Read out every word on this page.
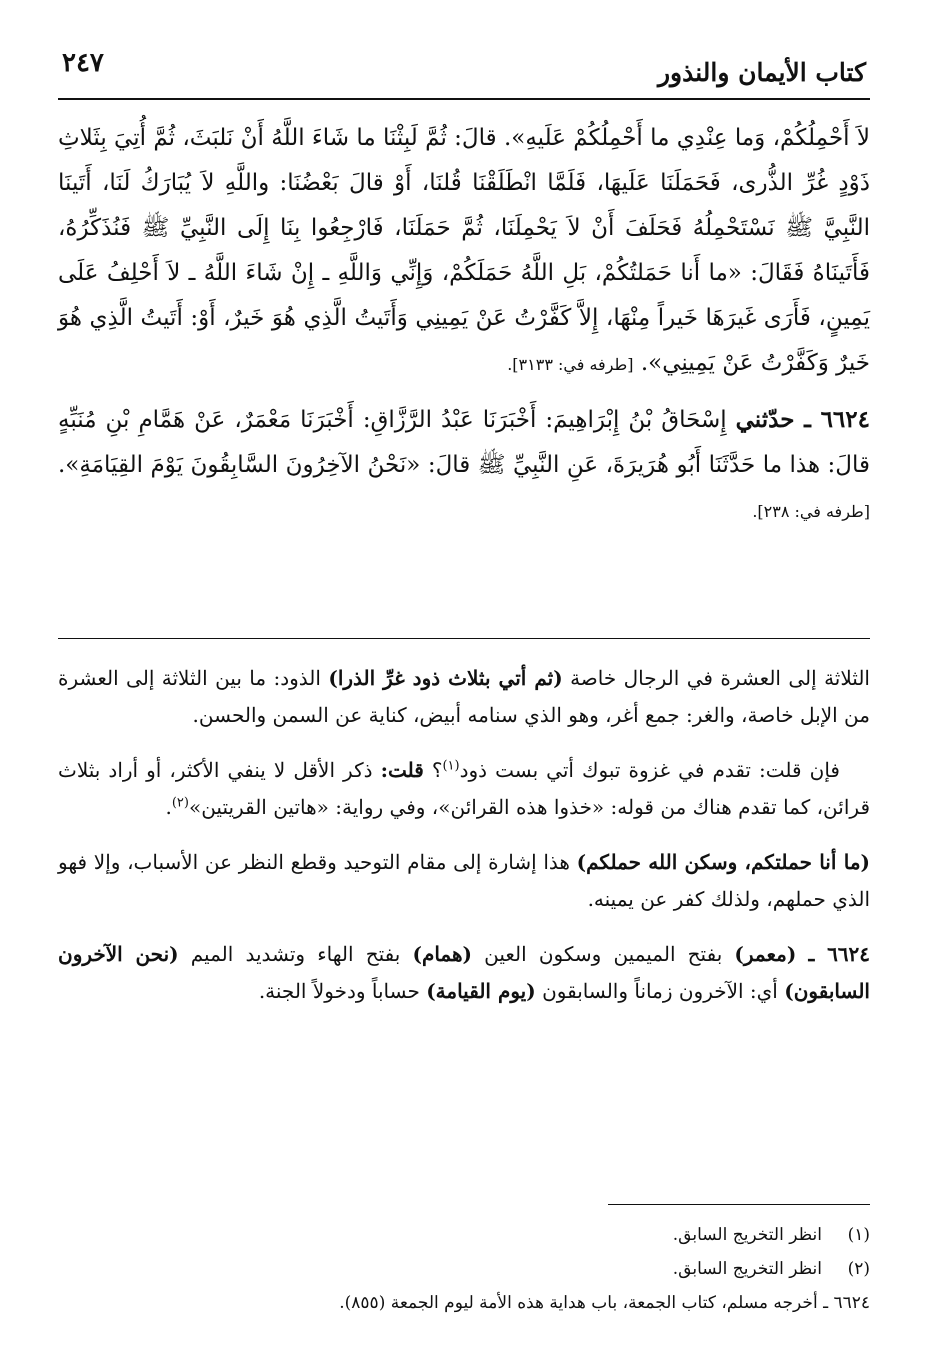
كتاب الأيمان والنذور

٢٤٧

لاَ أَحْمِلُكُمْ، وَما عِنْدِي ما أَحْمِلُكُمْ عَلَيهِ». قالَ: ثُمَّ لَبِثْنَا ما شَاءَ اللَّهُ أَنْ نَلبَثَ، ثُمَّ أُتِيَ بِثَلاثِ ذَوْدٍ غُرِّ الذُّرى، فَحَمَلَنَا عَلَيهَا، فَلَمَّا انْطَلَقْنَا قُلنَا، أَوْ قالَ بَعْضُنَا: واللَّهِ لاَ يُبَارَكُ لَنَا، أَتَينَا النَّبِيَّ ﷺ نَسْتَحْمِلُهُ فَحَلَفَ أَنْ لاَ يَحْمِلَنَا، ثُمَّ حَمَلَنَا، فَارْجِعُوا بِنَا إِلَى النَّبِيِّ ﷺ فَنُذَكِّرُهُ، فَأَتَينَاهُ فَقَالَ: «ما أَنا حَمَلتُكُمْ، بَلِ اللَّهُ حَمَلَكُمْ، وَإِنِّي وَاللَّهِ ـ إِنْ شَاءَ اللَّهُ ـ لاَ أَحْلِفُ عَلَى يَمِينٍ، فَأَرَى غَيرَهَا خَيراً مِنْهَا، إِلاَّ كَفَّرْتُ عَنْ يَمِينِي وَأَتَيتُ الَّذِي هُوَ خَيرٌ، أَوْ: أَتَيتُ الَّذِي هُوَ خَيرٌ وَكَفَّرْتُ عَنْ يَمِينِي». [طرفه في: ٣١٣٣].

٦٦٢٤ ـ حدّثني إِسْحَاقُ بْنُ إِبْرَاهِيمَ: أَخْبَرَنَا عَبْدُ الرَّزَّاقِ: أَخْبَرَنَا مَعْمَرٌ، عَنْ هَمَّامِ بْنِ مُنَبِّهٍ قالَ: هذا ما حَدَّثَنَا أَبُو هُرَيرَةَ، عَنِ النَّبِيِّ ﷺ قالَ: «نَحْنُ الآخِرُونَ السَّابِقُونَ يَوْمَ القِيَامَةِ». [طرفه في: ٢٣٨].

الثلاثة إلى العشرة في الرجال خاصة (ثم أتي بثلاث ذود غرِّ الذرا) الذود: ما بين الثلاثة إلى العشرة من الإبل خاصة، والغر: جمع أغر، وهو الذي سنامه أبيض، كناية عن السمن والحسن.

فإن قلت: تقدم في غزوة تبوك أتي بست ذود$^{(١)}$؟ قلت: ذكر الأقل لا ينفي الأكثر، أو أراد بثلاث قرائن، كما تقدم هناك من قوله: «خذوا هذه القرائن»، وفي رواية: «هاتين القريتين»$^{(٢)}$.

(ما أنا حملتكم، وسكن الله حملكم) هذا إشارة إلى مقام التوحيد وقطع النظر عن الأسباب، وإلا فهو الذي حملهم، ولذلك كفر عن يمينه.

٦٦٢٤ ـ (معمر) بفتح الميمين وسكون العين (همام) بفتح الهاء وتشديد الميم (نحن الآخرون السابقون) أي: الآخرون زماناً والسابقون (يوم القيامة) حساباً ودخولاً الجنة.

(١)انظر التخريج السابق.

(٢)انظر التخريج السابق.

٦٦٢٤ ـ أخرجه مسلم، كتاب الجمعة، باب هداية هذه الأمة ليوم الجمعة (٨٥٥).
